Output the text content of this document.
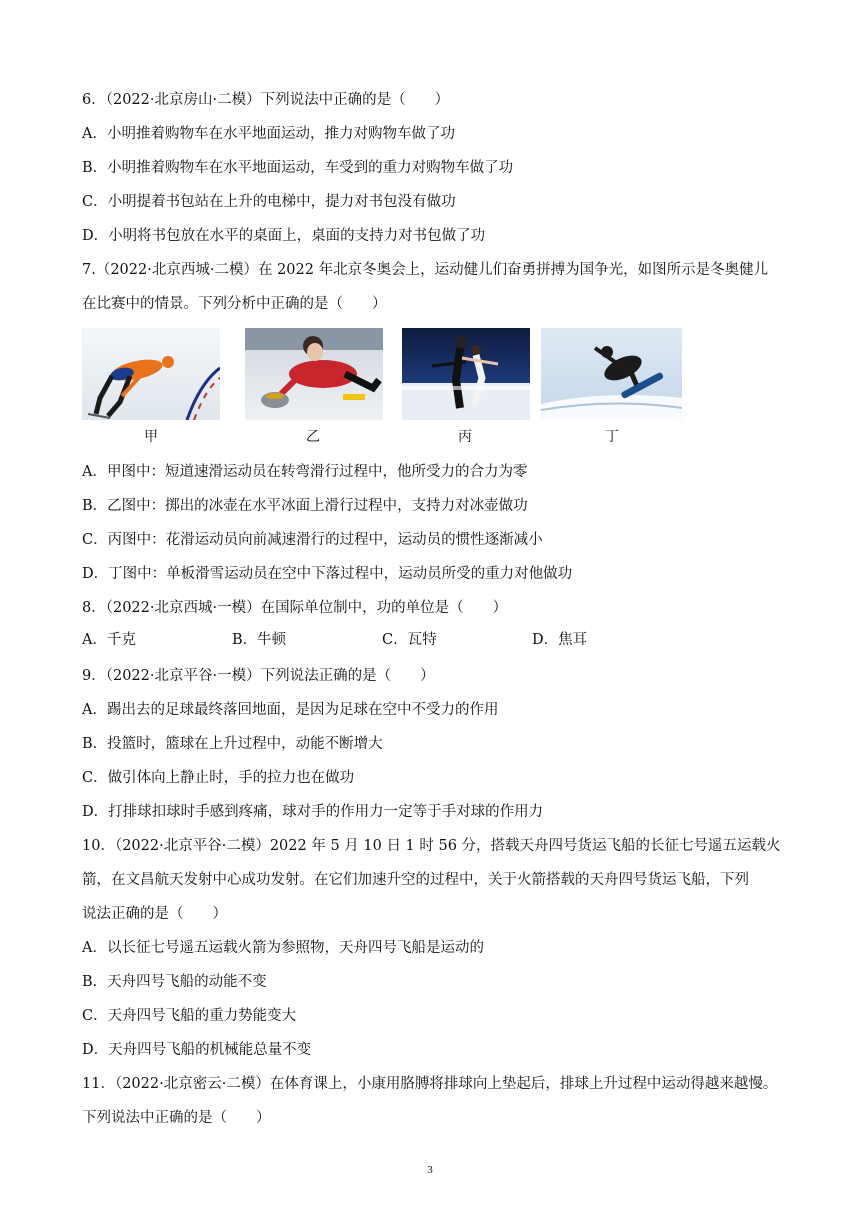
6．（2022·北京房山·二模）下列说法中正确的是（　　）
A．小明推着购物车在水平地面运动，推力对购物车做了功
B．小明推着购物车在水平地面运动，车受到的重力对购物车做了功
C．小明提着书包站在上升的电梯中，提力对书包没有做功
D．小明将书包放在水平的桌面上，桌面的支持力对书包做了功
7.（2022·北京西城·二模）在 2022 年北京冬奥会上，运动健儿们奋勇拼搏为国争光，如图所示是冬奥健儿
在比赛中的情景。下列分析中正确的是（　　）
甲	乙	丙	丁
A．甲图中：短道速滑运动员在转弯滑行过程中，他所受力的合力为零
B．乙图中：掷出的冰壶在水平冰面上滑行过程中，支持力对冰壶做功
C．丙图中：花滑运动员向前减速滑行的过程中，运动员的惯性逐渐减小
D．丁图中：单板滑雪运动员在空中下落过程中，运动员所受的重力对他做功
8．（2022·北京西城·一模）在国际单位制中，功的单位是（　　）
A．千克	B．牛顿	C．瓦特	D．焦耳
9．（2022·北京平谷·一模）下列说法正确的是（　　）
A．踢出去的足球最终落回地面，是因为足球在空中不受力的作用
B．投篮时，篮球在上升过程中，动能不断增大
C．做引体向上静止时，手的拉力也在做功
D．打排球扣球时手感到疼痛，球对手的作用力一定等于手对球的作用力
10．（2022·北京平谷·二模）2022 年 5 月 10 日 1 时 56 分，搭载天舟四号货运飞船的长征七号遥五运载火
箭，在文昌航天发射中心成功发射。在它们加速升空的过程中，关于火箭搭载的天舟四号货运飞船，下列
说法正确的是（　　）
A．以长征七号遥五运载火箭为参照物，天舟四号飞船是运动的
B．天舟四号飞船的动能不变
C．天舟四号飞船的重力势能变大
D．天舟四号飞船的机械能总量不变
11．（2022·北京密云·二模）在体育课上，小康用胳膊将排球向上垫起后，排球上升过程中运动得越来越慢。
下列说法中正确的是（　　）
3
